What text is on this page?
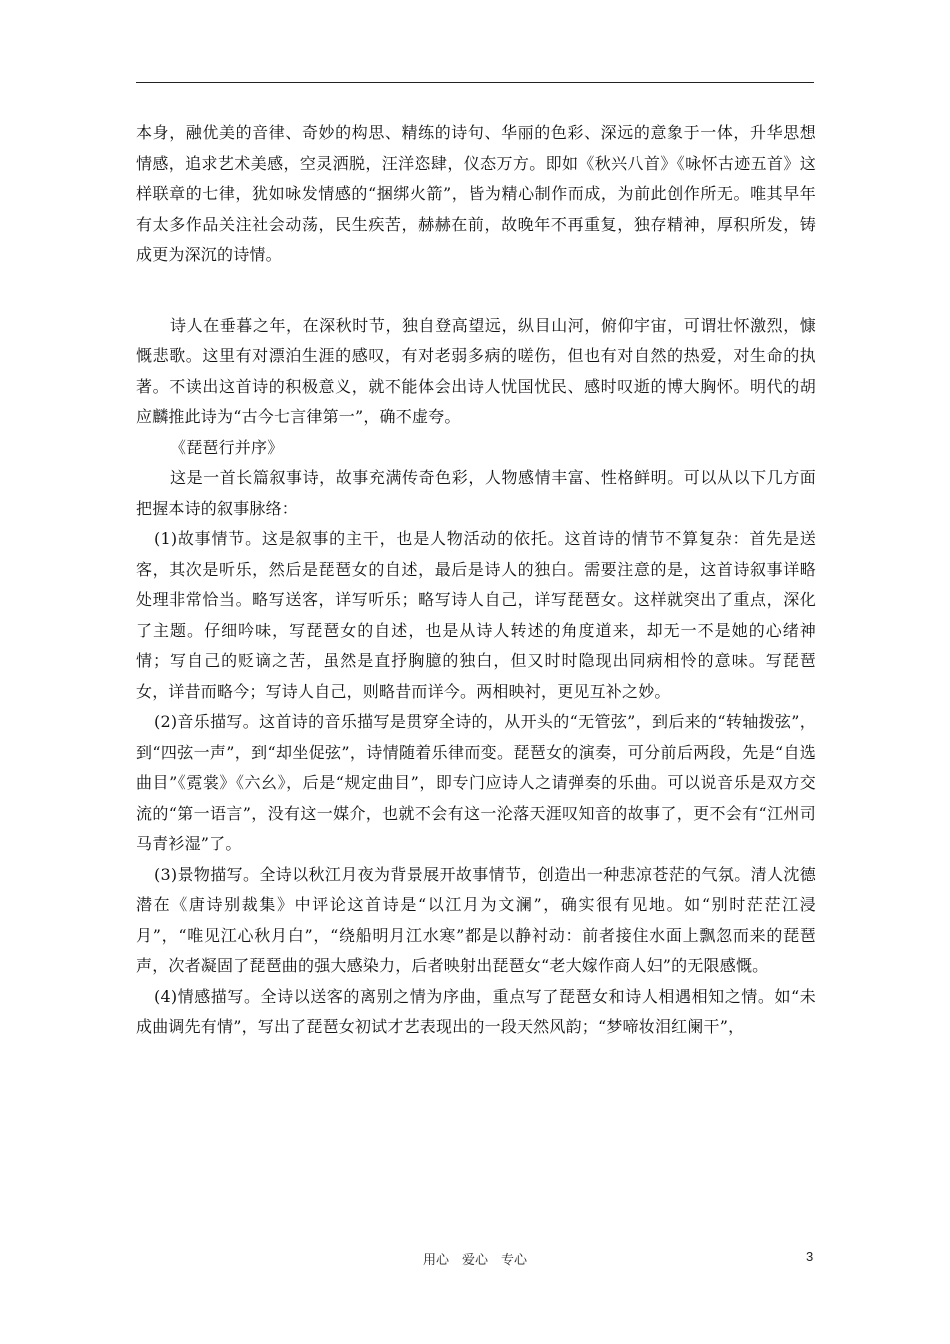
本身，融优美的音律、奇妙的构思、精练的诗句、华丽的色彩、深远的意象于一体，升华思想情感，追求艺术美感，空灵洒脱，汪洋恣肆，仪态万方。即如《秋兴八首》《咏怀古迹五首》这样联章的七律，犹如咏发情感的“捆绑火箭”，皆为精心制作而成，为前此创作所无。唯其早年有太多作品关注社会动荡，民生疾苦，赫赫在前，故晚年不再重复，独存精神，厚积所发，铸成更为深沉的诗情。

诗人在垂暮之年，在深秋时节，独自登高望远，纵目山河，俯仰宇宙，可谓壮怀激烈，慷慨悲歌。这里有对漂泊生涯的感叹，有对老弱多病的嗟伤，但也有对自然的热爱，对生命的执著。不读出这首诗的积极意义，就不能体会出诗人忧国忧民、感时叹逝的博大胸怀。明代的胡应麟推此诗为“古今七言律第一”，确不虚夸。

《琵琶行并序》

这是一首长篇叙事诗，故事充满传奇色彩，人物感情丰富、性格鲜明。可以从以下几方面把握本诗的叙事脉络：

(1)故事情节。这是叙事的主干，也是人物活动的依托。这首诗的情节不算复杂：首先是送客，其次是听乐，然后是琵琶女的自述，最后是诗人的独白。需要注意的是，这首诗叙事详略处理非常恰当。略写送客，详写听乐；略写诗人自己，详写琵琶女。这样就突出了重点，深化了主题。仔细吟味，写琵琶女的自述，也是从诗人转述的角度道来，却无一不是她的心绪神情；写自己的贬谪之苦，虽然是直抒胸臆的独白，但又时时隐现出同病相怜的意味。写琵琶女，详昔而略今；写诗人自己，则略昔而详今。两相映衬，更见互补之妙。

(2)音乐描写。这首诗的音乐描写是贯穿全诗的，从开头的“无管弦”，到后来的“转轴拨弦”，到“四弦一声”，到“却坐促弦”，诗情随着乐律而变。琵琶女的演奏，可分前后两段，先是“自选曲目”《霓裳》《六幺》，后是“规定曲目”，即专门应诗人之请弹奏的乐曲。可以说音乐是双方交流的“第一语言”，没有这一媒介，也就不会有这一沦落天涯叹知音的故事了，更不会有“江州司马青衫湿”了。

(3)景物描写。全诗以秋江月夜为背景展开故事情节，创造出一种悲凉苍茫的气氛。清人沈德潜在《唐诗别裁集》中评论这首诗是“以江月为文澜”，确实很有见地。如“别时茫茫江浸月”，“唯见江心秋月白”，“绕船明月江水寒”都是以静衬动：前者接住水面上飘忽而来的琵琶声，次者凝固了琵琶曲的强大感染力，后者映射出琵琶女“老大嫁作商人妇”的无限感慨。

(4)情感描写。全诗以送客的离别之情为序曲，重点写了琵琶女和诗人相遇相知之情。如“未成曲调先有情”，写出了琵琶女初试才艺表现出的一段天然风韵；“梦啼妆泪红阑干”，

用心　爱心　专心	3
